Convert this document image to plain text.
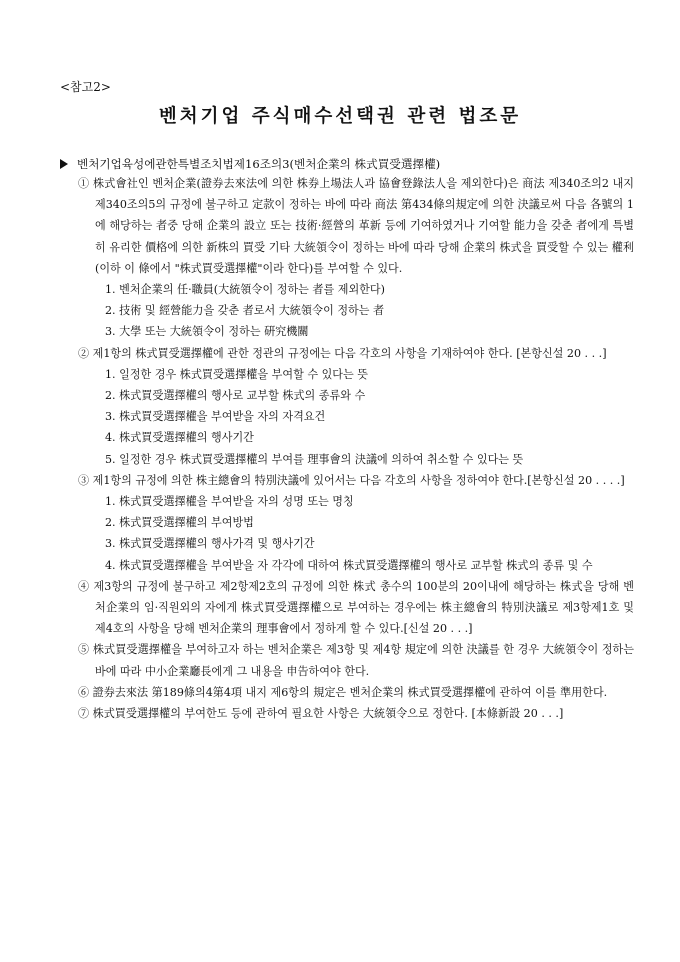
<참고2>
벤처기업 주식매수선택권 관련 법조문
벤처기업육성에관한특별조치법제16조의3(벤처企業의 株式買受選擇權)

① 株式會社인 벤처企業(證券去來法에 의한 株券上場法人과 協會登錄法人을 제외한다)은 商法 제340조의2 내지 제340조의5의 규정에 불구하고 定款이 정하는 바에 따라 商法 第434條의規定에 의한 決議로써 다음 各號의 1에 해당하는 者중 당해 企業의 設立 또는 技術·經營의 革新 등에 기여하였거나 기여할 能力을 갖춘 者에게 특별히 유리한 價格에 의한 新株의 買受 기타 大統領令이 정하는 바에 따라 당해 企業의 株式을 買受할 수 있는 權利(이하 이 條에서 "株式買受選擇權"이라 한다)를 부여할 수 있다.

1. 벤처企業의 任·職員(大統領令이 정하는 者를 제외한다)

2. 技術 및 經營能力을 갖춘 者로서 大統領令이 정하는 者

3. 大學 또는 大統領令이 정하는 硏究機關

② 제1항의 株式買受選擇權에 관한 정관의 규정에는 다음 각호의 사항을 기재하여야 한다. [본항신설 20 . . .]

1. 일정한 경우 株式買受選擇權을 부여할 수 있다는 뜻

2. 株式買受選擇權의 행사로 교부할 株式의 종류와 수

3. 株式買受選擇權을 부여받을 자의 자격요건

4. 株式買受選擇權의 행사기간

5. 일정한 경우 株式買受選擇權의 부여를 理事會의 決議에 의하여 취소할 수 있다는 뜻

③ 제1항의 규정에 의한 株主總會의 特別決議에 있어서는 다음 각호의 사항을 정하여야 한다.[본항신설 20 . . . .]

1. 株式買受選擇權을 부여받을 자의 성명 또는 명칭

2. 株式買受選擇權의 부여방법

3. 株式買受選擇權의 행사가격 및 행사기간

4. 株式買受選擇權을 부여받을 자 각각에 대하여 株式買受選擇權의 행사로 교부할 株式의 종류 및 수

④ 제3항의 규정에 불구하고 제2항제2호의 규정에 의한 株式 총수의 100분의 20이내에 해당하는 株式을 당해 벤처企業의 임·직원외의 자에게 株式買受選擇權으로 부여하는 경우에는 株主總會의 特別決議로 제3항제1호 및 제4호의 사항을 당해 벤처企業의 理事會에서 정하게 할 수 있다.[신설 20 . . .]

⑤ 株式買受選擇權을 부여하고자 하는 벤처企業은 제3항 및 제4항 規定에 의한 決議를 한 경우 大統領令이 정하는 바에 따라 中小企業廳長에게 그 내용을 申告하여야 한다.

⑥ 證券去來法 第189條의4第4項 내지 제6항의 規定은 벤처企業의 株式買受選擇權에 관하여 이를 準用한다.

⑦ 株式買受選擇權의 부여한도 등에 관하여 필요한 사항은 大統領令으로 정한다. [本條新設 20 . . .]
